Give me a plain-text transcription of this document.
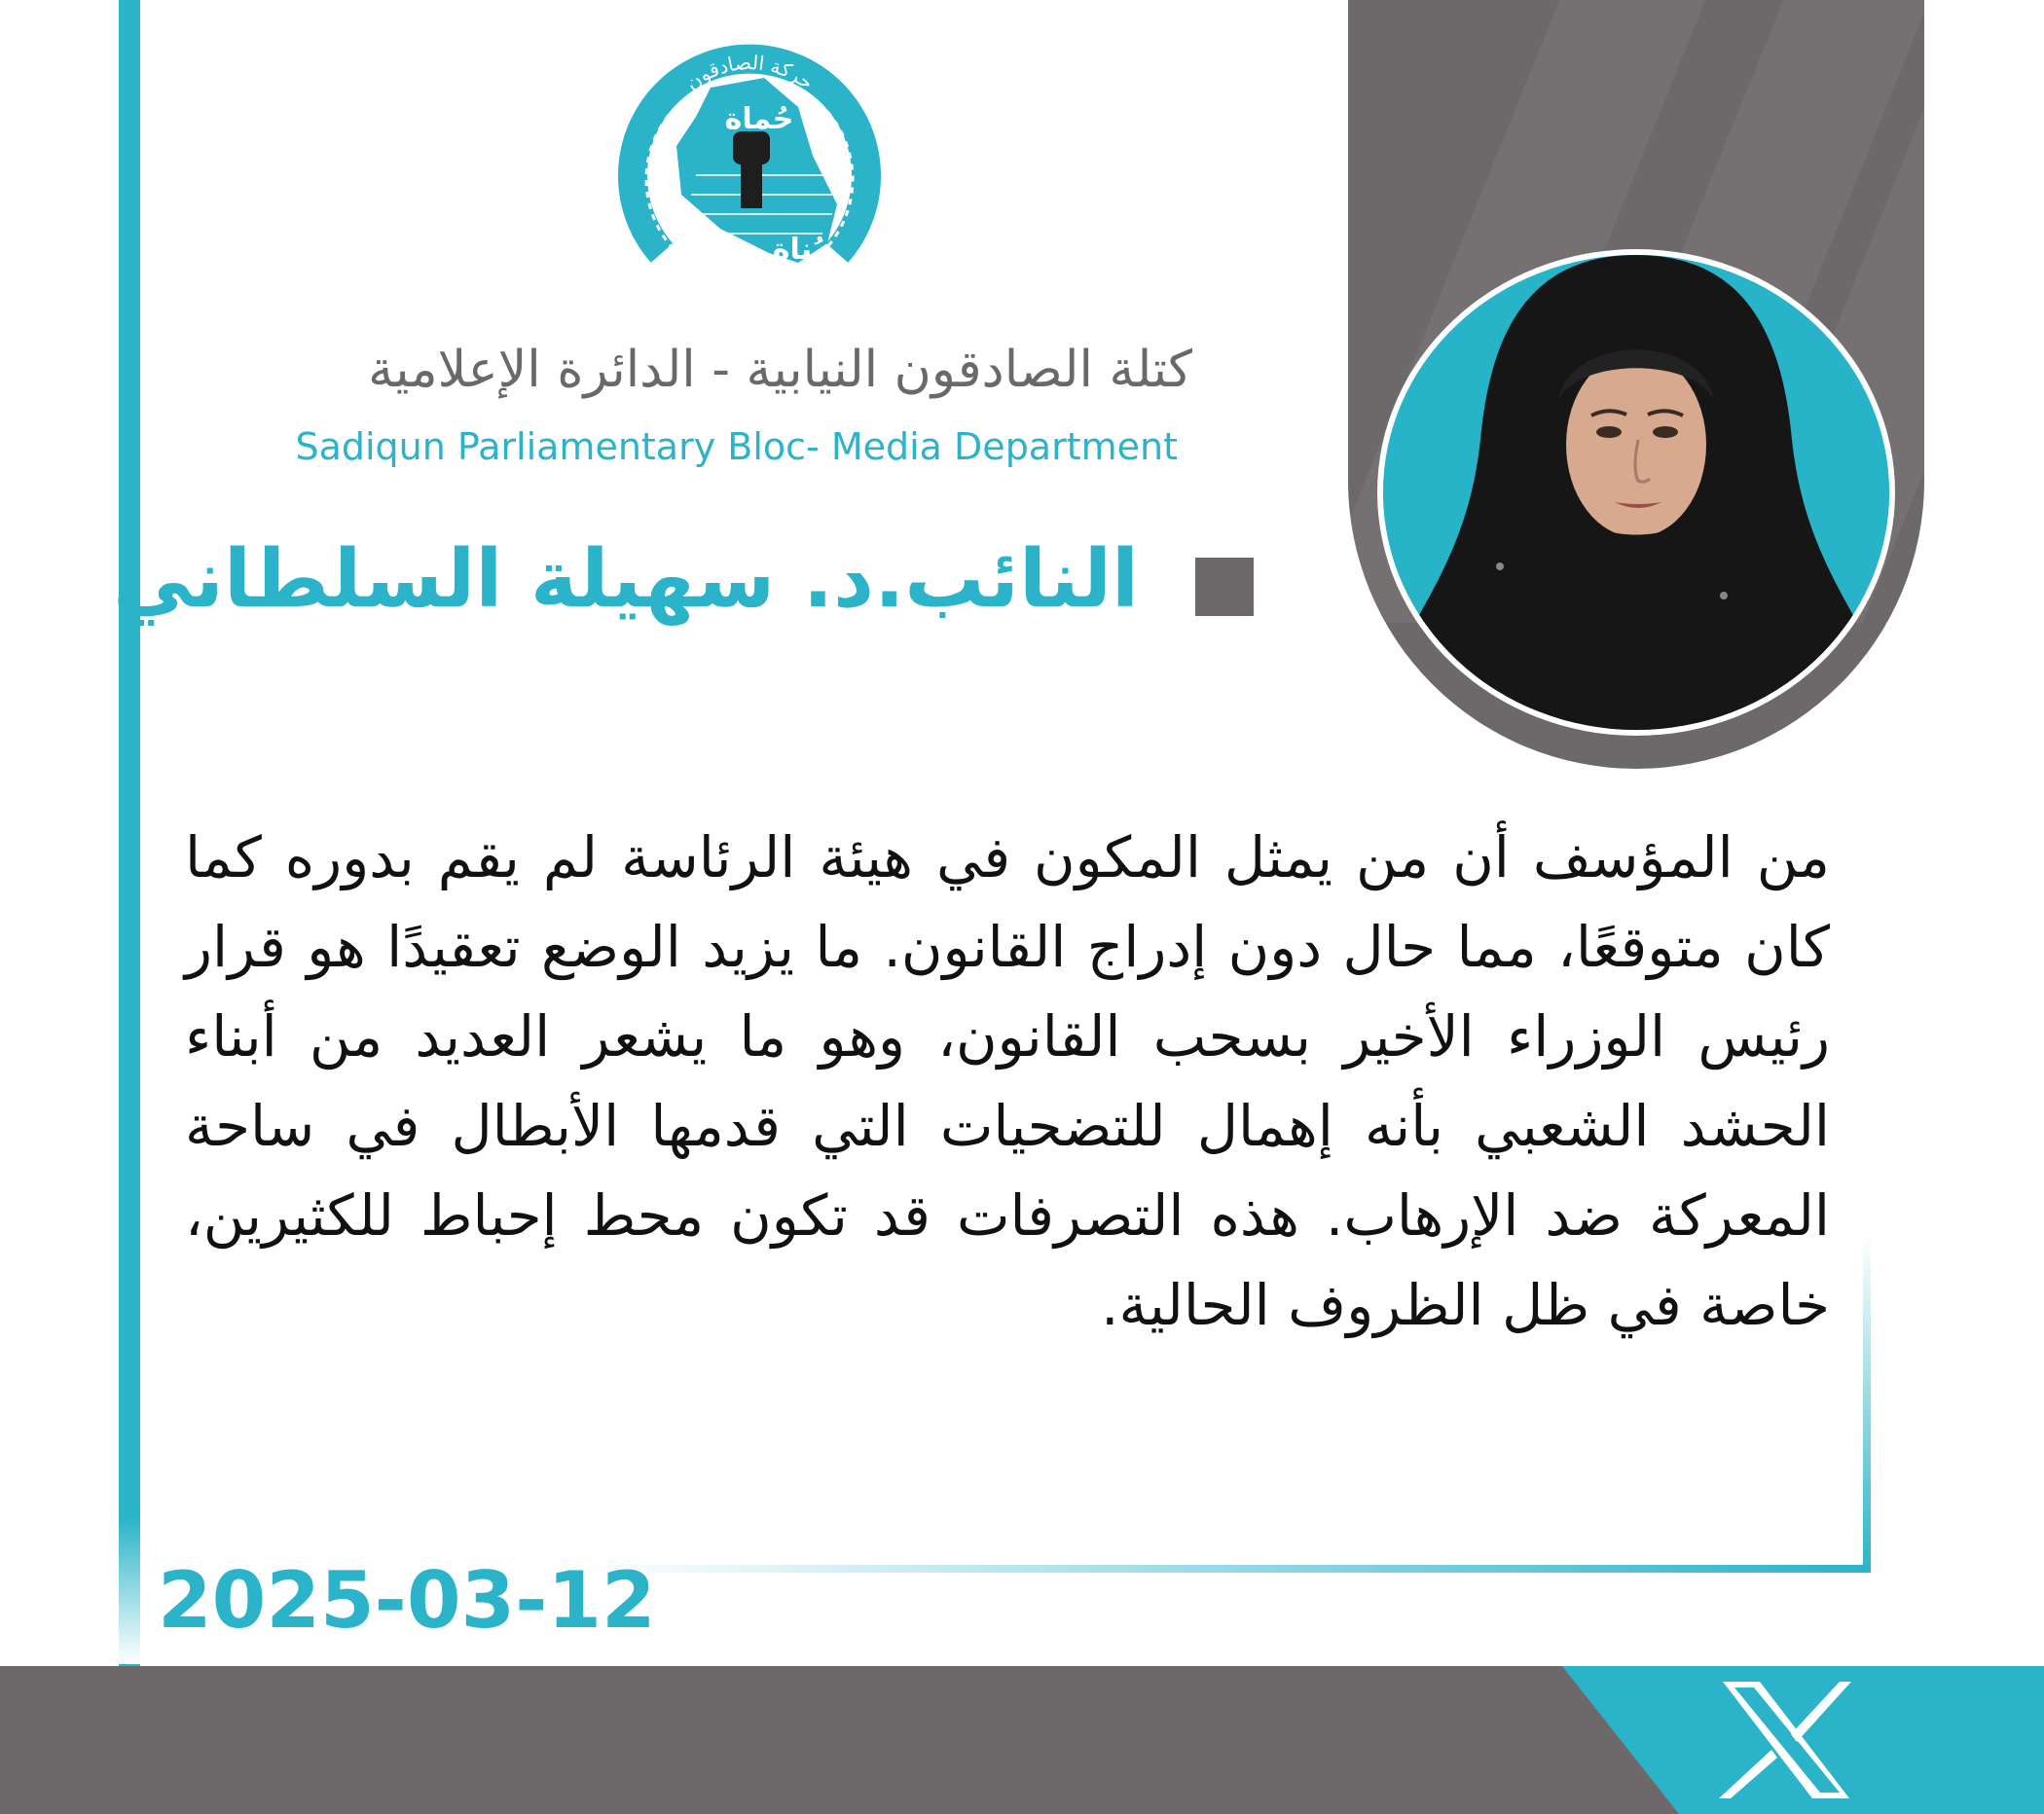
حركة الصادقون
حُماة
بُناة
كتلة الصادقون النيابية - الدائرة الإعلامية
Sadiqun Parliamentary Bloc- Media Department
النائب.د. سهيلة السلطاني
من المؤسف أن من يمثل المكون في هيئة الرئاسة لم يقم بدوره كما كان متوقعًا، مما حال دون إدراج القانون. ما يزيد الوضع تعقيدًا هو قرار رئيس الوزراء الأخير بسحب القانون، وهو ما يشعر العديد من أبناء الحشد الشعبي بأنه إهمال للتضحيات التي قدمها الأبطال في ساحة المعركة ضد الإرهاب. هذه التصرفات قد تكون محط إحباط للكثيرين، خاصة في ظل الظروف الحالية.
2025-03-12
